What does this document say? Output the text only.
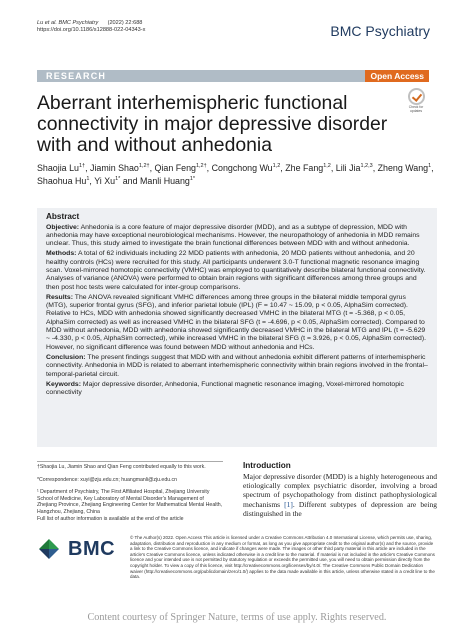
Lu et al. BMC Psychiatry (2022) 22:688
https://doi.org/10.1186/s12888-022-04343-x	BMC Psychiatry
RESEARCH	Open Access
Check for
updates
Aberrant interhemispheric functional connectivity in major depressive disorder with and without anhedonia
Shaojia $Lu^{1\dagger}$, Jiamin Shao$^{1,2\dagger}$, Qian Feng$^{1,2\dagger}$, Congchong Wu$^{1,2}$, Zhe Fang$^{1,2}$, Lili Jia$^{1,2,3}$, Zheng Wang$^1$,
Shaohua Hu$^1$, Yi $Xu^{1*}$ and Manli Huang$^{1*}$
Abstract

Objective: Anhedonia is a core feature of major depressive disorder (MDD), and as a subtype of depression, MDD with anhedonia may have exceptional neurobiological mechanisms. However, the neuropathology of anhedonia in MDD remains unclear. Thus, this study aimed to investigate the brain functional differences between MDD with and without anhedonia.

Methods: A total of 62 individuals including 22 MDD patients with anhedonia, 20 MDD patients without anhedonia, and 20 healthy controls (HCs) were recruited for this study. All participants underwent 3.0-T functional magnetic resonance imaging scan. Voxel-mirrored homotopic connectivity (VMHC) was employed to quantitatively describe bilateral functional connectivity. Analyses of variance (ANOVA) were performed to obtain brain regions with significant differences among three groups and then post hoc tests were calculated for inter-group comparisons.

Results: The ANOVA revealed significant VMHC differences among three groups in the bilateral middle temporal gyrus (MTG), superior frontal gyrus (SFG), and inferior parietal lobule (IPL) (F = 10.47 ~ 15.09, p < 0.05, AlphaSim corrected). Relative to HCs, MDD with anhedonia showed significantly decreased VMHC in the bilateral MTG (t = -5.368, p < 0.05, AlphaSim corrected) as well as increased VMHC in the bilateral SFG (t = -4.696, p < 0.05, AlphaSim corrected). Compared to MDD without anhedonia, MDD with anhedonia showed significantly decreased VMHC in the bilateral MTG and IPL (t = -5.629 ~ -4.330, p < 0.05, AlphaSim corrected), while increased VMHC in the bilateral SFG (t = 3.926, p < 0.05, AlphaSim corrected). However, no significant difference was found between MDD without anhedonia and HCs.

Conclusion: The present findings suggest that MDD with and without anhedonia exhibit different patterns of interhemispheric connectivity. Anhedonia in MDD is related to aberrant interhemispheric connectivity within brain regions involved in the frontal–temporal-parietal circuit.

Keywords: Major depressive disorder, Anhedonia, Functional magnetic resonance imaging, Voxel-mirrored homotopic connectivity

†Shaojia Lu, Jiamin Shao and Qian Feng contributed equally to this work.
*Correspondence: xuyi@zju.edu.cn; huangmanli@zju.edu.cn
¹ Department of Psychiatry, The First Affiliated Hospital, Zhejiang University School of Medicine, Key Laboratory of Mental Disorder's Management of Zhejiang Province, Zhejiang Engineering Center for Mathematical Mental Health, Hangzhou, Zhejiang, China
Full list of author information is available at the end of the article
Introduction
Major depressive disorder (MDD) is a highly heterogeneous and etiologically complex psychiatric disorder, involving a broad spectrum of psychopathology from distinct pathophysiological mechanisms [1]. Different subtypes of depression are being distinguished in the
BMC
© The Author(s) 2022. Open Access This article is licensed under a Creative Commons Attribution 4.0 International License, which permits use, sharing, adaptation, distribution and reproduction in any medium or format, as long as you give appropriate credit to the original author(s) and the source, provide a link to the Creative Commons licence, and indicate if changes were made. The images or other third party material in this article are included in the article's Creative Commons licence, unless indicated otherwise in a credit line to the material. If material is not included in the article's Creative Commons licence and your intended use is not permitted by statutory regulation or exceeds the permitted use, you will need to obtain permission directly from the copyright holder. To view a copy of this licence, visit http://creativecommons.org/licenses/by/4.0/. The Creative Commons Public Domain Dedication waiver (http://creativecommons.org/publicdomain/zero/1.0/) applies to the data made available in this article, unless otherwise stated in a credit line to the data.
Content courtesy of Springer Nature, terms of use apply. Rights reserved.
